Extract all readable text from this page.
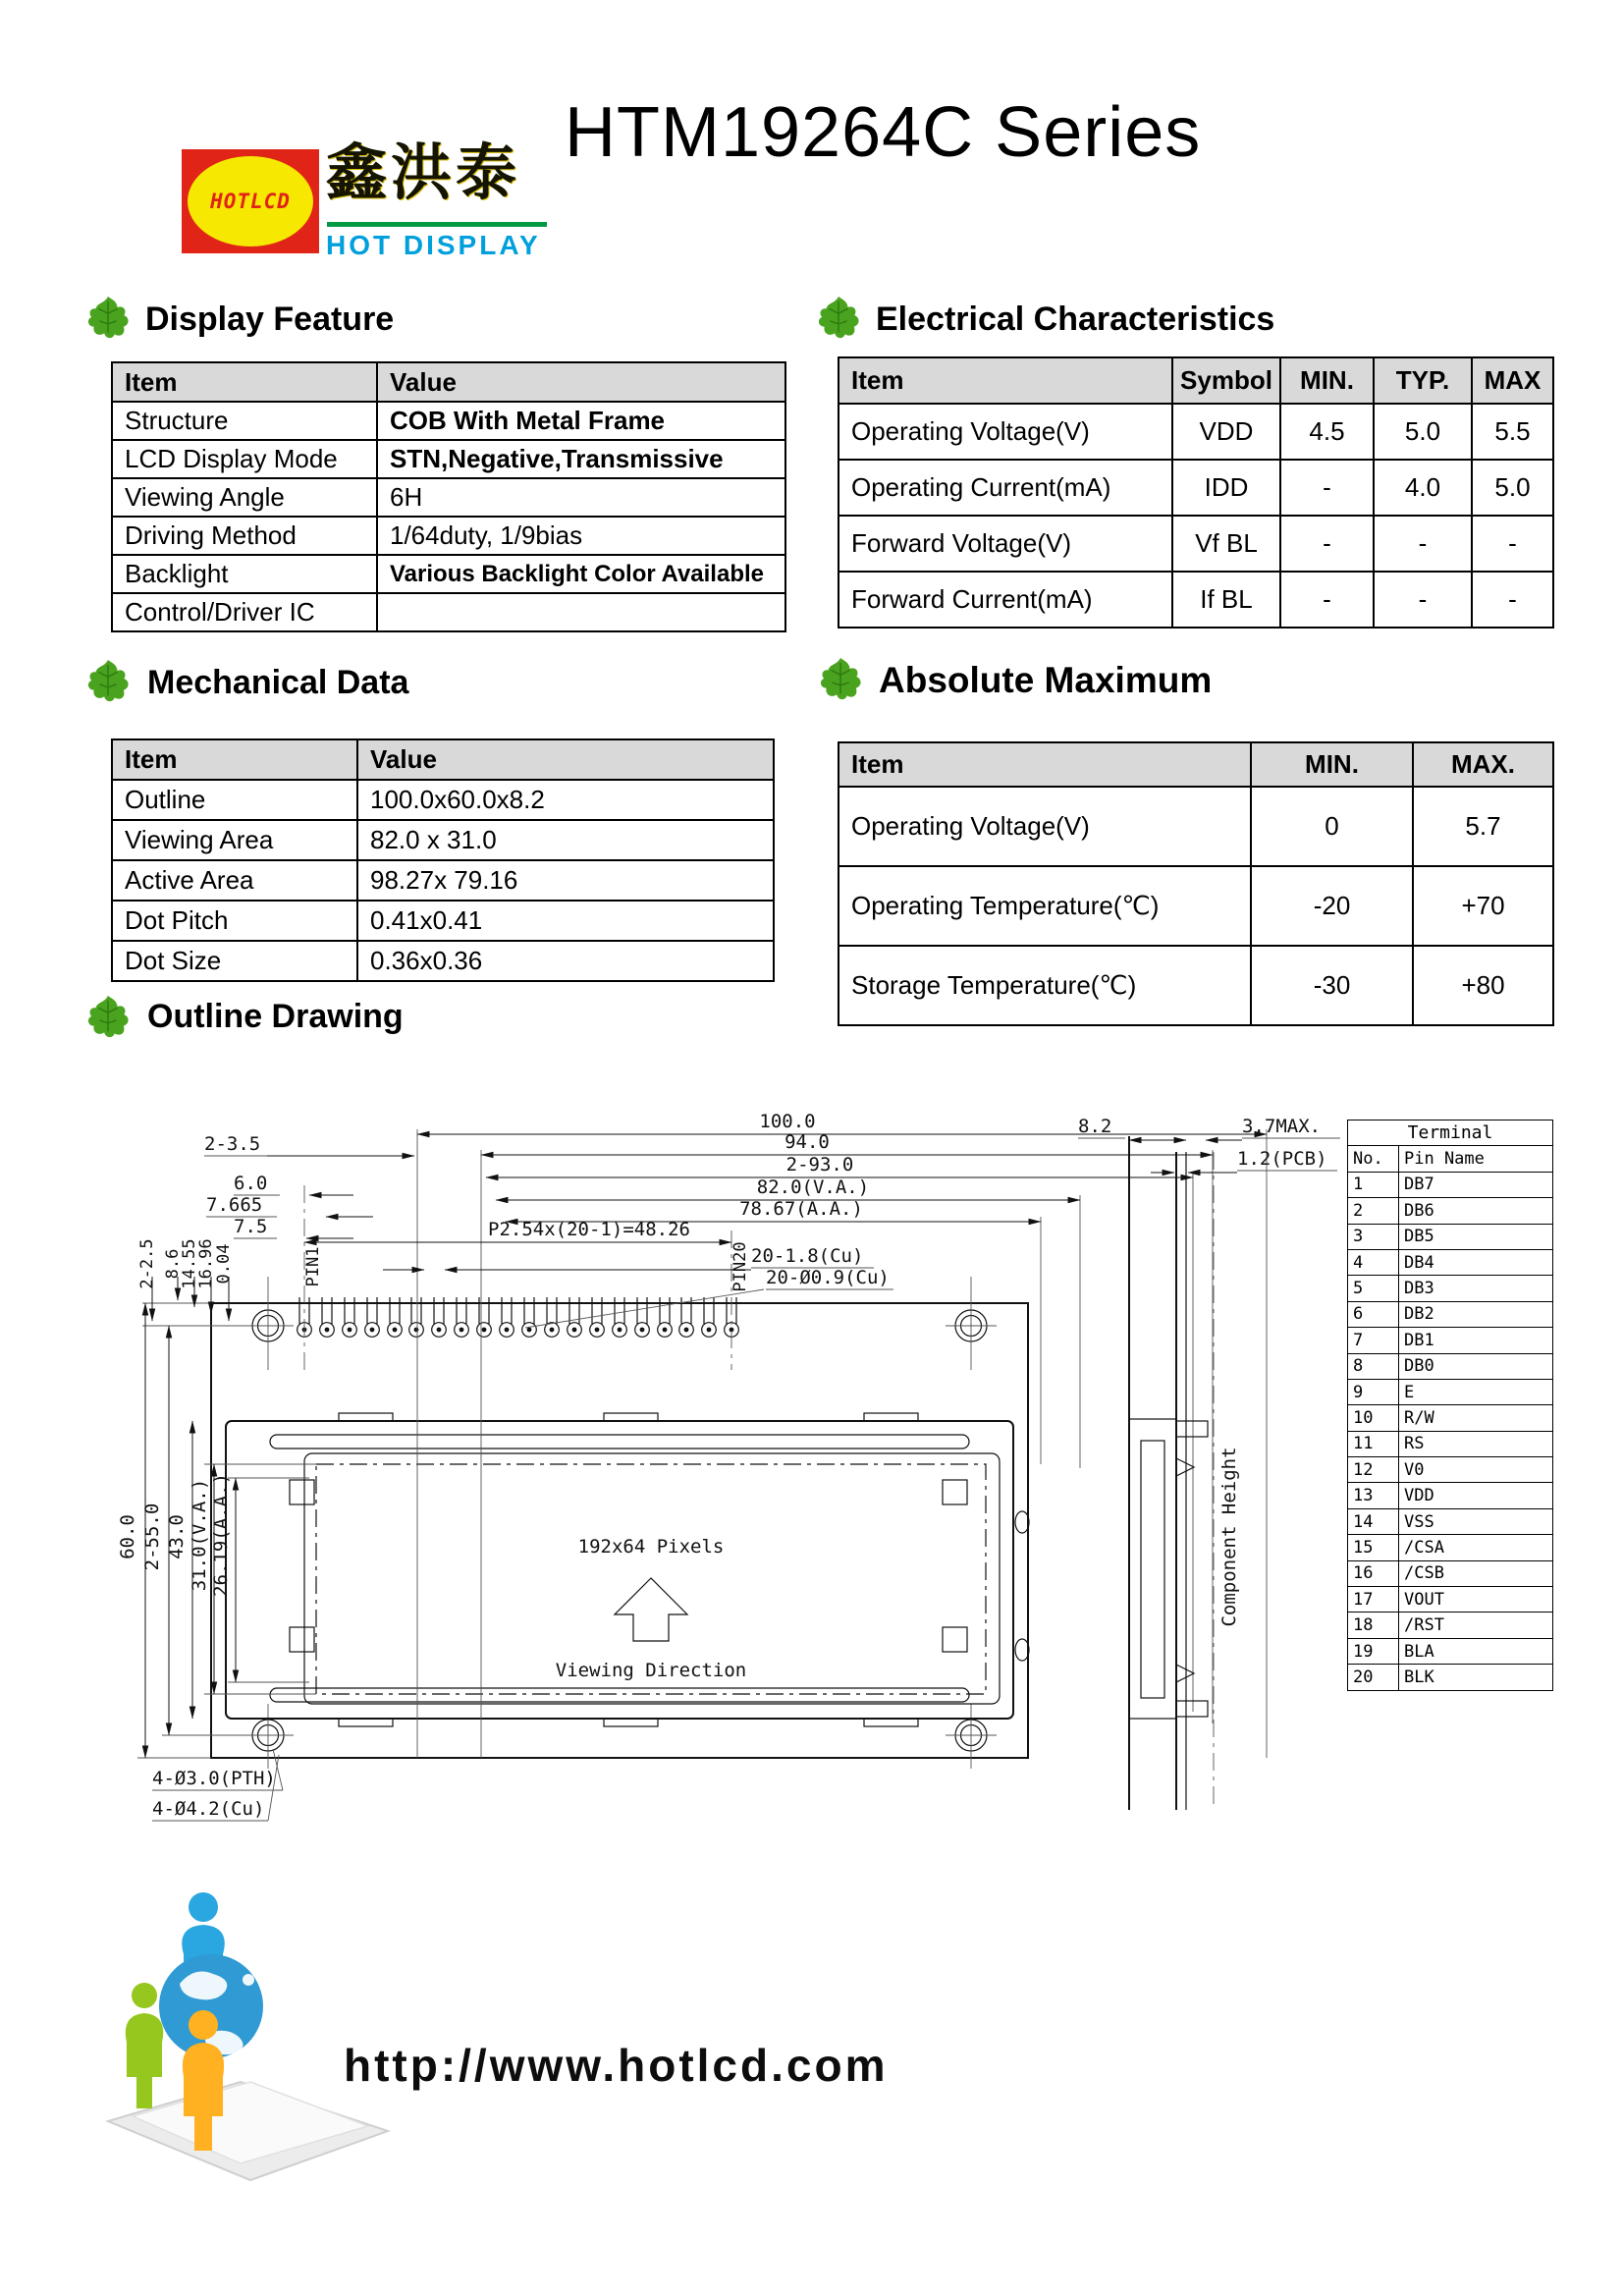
HOTLCD 鑫洪泰
HOT DISPLAY
HTM19264C Series
Display Feature	Electrical Characteristics
Mechanical Data	Absolute Maximum
Outline Drawing
Item	Value
Structure	COB With Metal Frame
LCD Display Mode	STN,Negative,Transmissive
Viewing Angle	6H
Driving Method	1/64duty, 1/9bias
Backlight	Various Backlight Color Available
Control/Driver IC	
Item	Symbol	MIN.	TYP.	MAX
Operating Voltage(V)	VDD	4.5	5.0	5.5
Operating Current(mA)	IDD	-	4.0	5.0
Forward Voltage(V)	Vf BL	-	-	-
Forward Current(mA)	If BL	-	-	-
Item	Value
Outline	100.0x60.0x8.2
Viewing Area	82.0 x 31.0
Active Area	98.27x 79.16
Dot Pitch	0.41x0.41
Dot Size	0.36x0.36
Item	MIN.	MAX.
Operating Voltage(V)	0	5.7
Operating Temperature(℃)	-20	+70
Storage Temperature(℃)	-30	+80
192x64 Pixels
Viewing Direction
100.0
94.0
2-93.0
82.0(V.A.)
78.67(A.A.)
P2.54x(20-1)=48.26
20-1.8(Cu)
20-Ø0.9(Cu)
2-3.5
6.0
7.665
7.5
2-2.5 8.6
14.55
16.96
0.04	PIN1	PIN20
60.0 2-55.0 43.0 31.0(V.A.) 26.19(A.A.)
4-Ø3.0(PTH)
4-Ø4.2(Cu)
8.2	3.7MAX.
1.2(PCB)
Component Height
Terminal	
No.	Pin Name
1	DB7
2	DB6
3	DB5
4	DB4
5	DB3
6	DB2
7	DB1
8	DB0
9	E
10	R/W
11	RS
12	V0
13	VDD
14	VSS
15	/CSA
16	/CSB
17	VOUT
18	/RST
19	BLA
20	BLK
http://www.hotlcd.com
